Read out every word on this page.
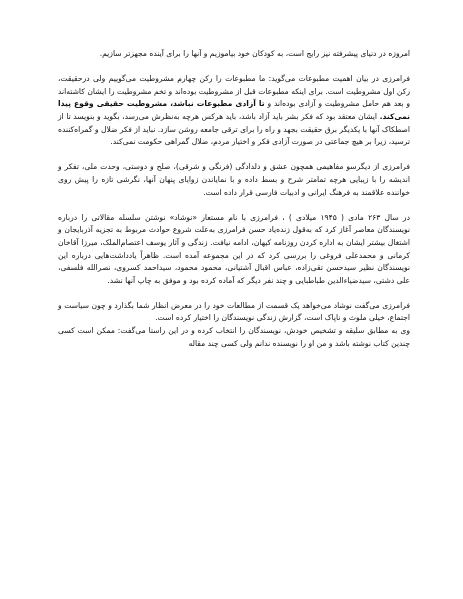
امروزه در دنیای پیشرفته نیز رایج است، به کودکان خود بیاموزیم و آنها را برای آینده مجهزتر سازیم.

فرامرزی در بیان اهمیت مطبوعات می‌گوید: ما مطبوعات را رکن چهارم مشروطیت می‌گوییم ولی درحقیقت، رکن اول مشروطیت است. برای اینکه مطبوعات قبل از مشروطیت بوده‌اند و تخم مشروطیت را ایشان کاشته‌اند و بعد هم حامل مشروطیت و آزادی بوده‌اند و تا آزادی مطبوعات نباشد، مشروطیت حقیقی وقوع پیدا نمی‌کند. ایشان معتقد بود که فکر بشر باید آزاد باشد، باید هرکس هرچه به‌نظرش می‌رسد، بگوید و بنویسد تا از اصطکاک آنها با یکدیگر برق حقیقت بجهد و راه را برای ترقی جامعه روشن سازد. نباید از فکر ضلال و گمراه‌کننده ترسید، زیرا بر هیچ جماعتی در صورت آزادی فکر و اختیار مردم، ضلال گمراهی حکومت نمی‌کند.

فرامرزی از دیگرسو مفاهیمی همچون عشق و دلدادگی (فرنگی و شرقی)، صلح و دوستی، وحدت ملی، تفکر و اندیشه را با زیبایی هرچه تمامتر شرح و بسط داده و با نمایاندن زوایای پنهان آنها، نگرشی تازه را پیش روی خواننده علاقمند به فرهنگ ایرانی و ادبیات فارسی قرار داده است.

در سال ۲۶۳ مادی ( ۱۹۴۵ میلادی ) ، فرامرزی با نام مستعار «نوشاد» نوشتن سلسله مقالاتی را درباره نویسندگان معاصر آغاز کرد که به‌قول زنده‌یاد حسن فرامرزی به‌علت شروع حوادث مربوط به تجزیه آذربایجان و اشتغال بیشتر ایشان به اداره کردن روزنامه کیهان، ادامه نیافت. زندگی و آثار یوسف اعتصام‌الملک، میرزا آقاخان کرمانی و محمدعلی فروغی را بررسی کرد که در این مجموعه آمده است. ظاهراً یادداشت‌هایی درباره این نویسندگان نظیر سیدحسن تقی‌زاده، عباس اقبال آشتیانی، محمود محمود، سیداحمد کسروی، نصرالله فلسفی، علی دشتی، سیدضیاءالدین طباطبایی و چند نفر دیگر که آماده کرده بود و موفق به چاپ آنها نشد.

فرامرزی می‌گفت نوشاد می‌خواهد یک قسمت از مطالعات خود را در معرض انظار شما بگذارد و چون سیاست و اجتماع، خیلی ملوث و ناپاک است، گزارش زندگی نویسندگان را اختیار کرده است.

وی به مطابق سلیقه و تشخیص خودش، نویسندگان را انتخاب کرده و در این راستا می‌گفت: ممکن است کسی چندین کتاب نوشته باشد و من او را نویسنده ندانم ولی کسی چند مقاله
